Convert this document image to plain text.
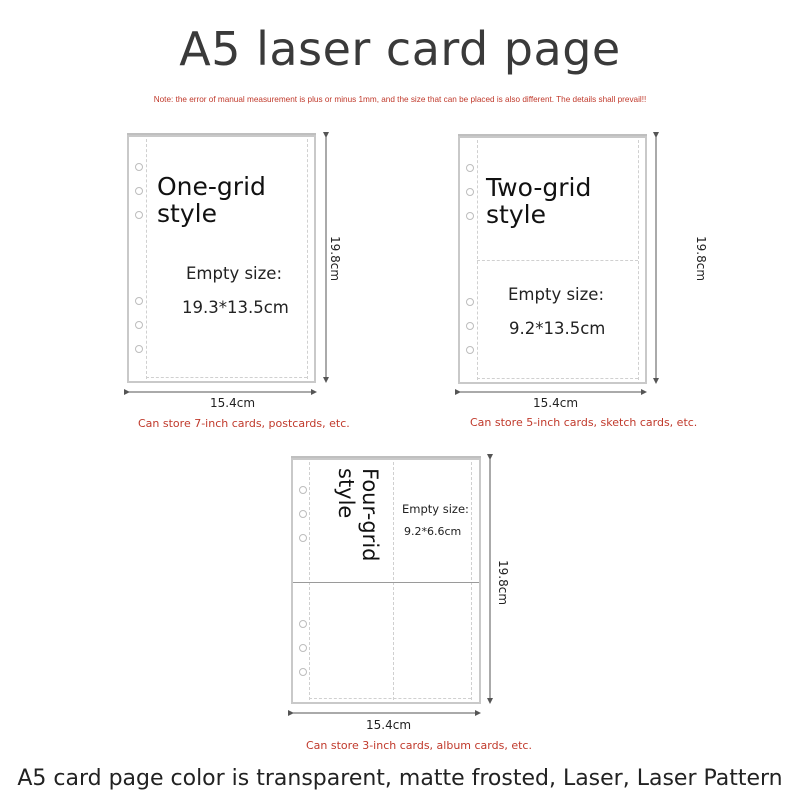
A5 laser card page
Note: the error of manual measurement is plus or minus 1mm, and the size that can be placed is also different. The details shall prevail!!
One-grid style
Empty size:
19.3*13.5cm
15.4cm
19.8cm
Can store 7-inch cards, postcards, etc.
Two-grid style
Empty size:
9.2*13.5cm
15.4cm
19.8cm
Can store 5-inch cards, sketch cards, etc.
Four-grid style	Empty size:
9.2*6.6cm
15.4cm
19.8cm
Can store 3-inch cards, album cards, etc.
A5 card page color is transparent, matte frosted, Laser, Laser Pattern
